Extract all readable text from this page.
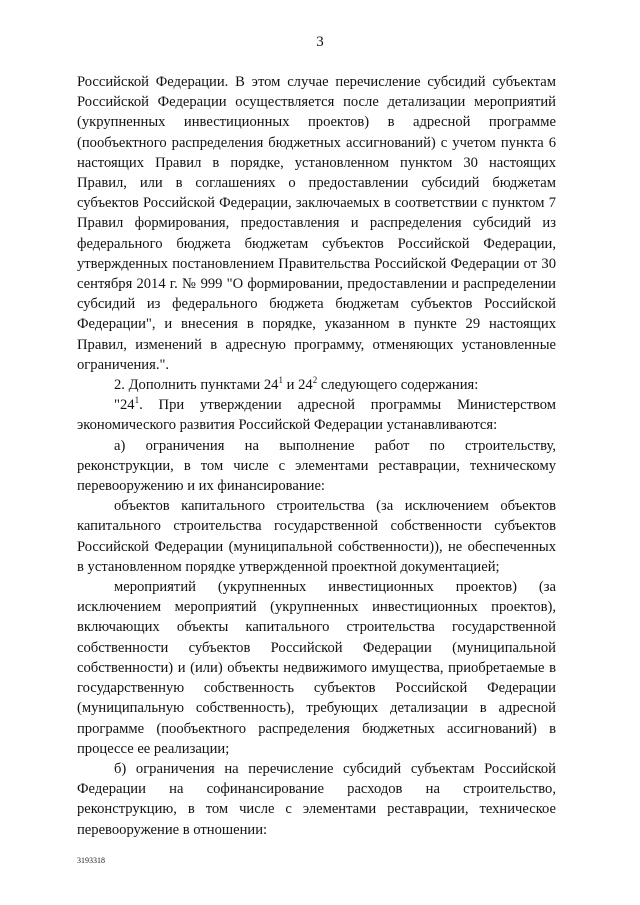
3

Российской Федерации. В этом случае перечисление субсидий субъектам Российской Федерации осуществляется после детализации мероприятий (укрупненных инвестиционных проектов) в адресной программе (пообъектного распределения бюджетных ассигнований) с учетом пункта 6 настоящих Правил в порядке, установленном пунктом 30 настоящих Правил, или в соглашениях о предоставлении субсидий бюджетам субъектов Российской Федерации, заключаемых в соответствии с пунктом 7 Правил формирования, предоставления и распределения субсидий из федерального бюджета бюджетам субъектов Российской Федерации, утвержденных постановлением Правительства Российской Федерации от 30 сентября 2014 г. № 999 "О формировании, предоставлении и распределении субсидий из федерального бюджета бюджетам субъектов Российской Федерации", и внесения в порядке, указанном в пункте 29 настоящих Правил, изменений в адресную программу, отменяющих установленные ограничения.".

2. Дополнить пунктами $24^1$ и $24^2$ следующего содержания:

"$24^1$. При утверждении адресной программы Министерством экономического развития Российской Федерации устанавливаются:

а) ограничения на выполнение работ по строительству, реконструкции, в том числе с элементами реставрации, техническому перевооружению и их финансирование:

объектов капитального строительства (за исключением объектов капитального строительства государственной собственности субъектов Российской Федерации (муниципальной собственности)), не обеспеченных в установленном порядке утвержденной проектной документацией;

мероприятий (укрупненных инвестиционных проектов) (за исключением мероприятий (укрупненных инвестиционных проектов), включающих объекты капитального строительства государственной собственности субъектов Российской Федерации (муниципальной собственности) и (или) объекты недвижимого имущества, приобретаемые в государственную собственность субъектов Российской Федерации (муниципальную собственность), требующих детализации в адресной программе (пообъектного распределения бюджетных ассигнований) в процессе ее реализации;

б) ограничения на перечисление субсидий субъектам Российской Федерации на софинансирование расходов на строительство, реконструкцию, в том числе с элементами реставрации, техническое перевооружение в отношении:

3193318
